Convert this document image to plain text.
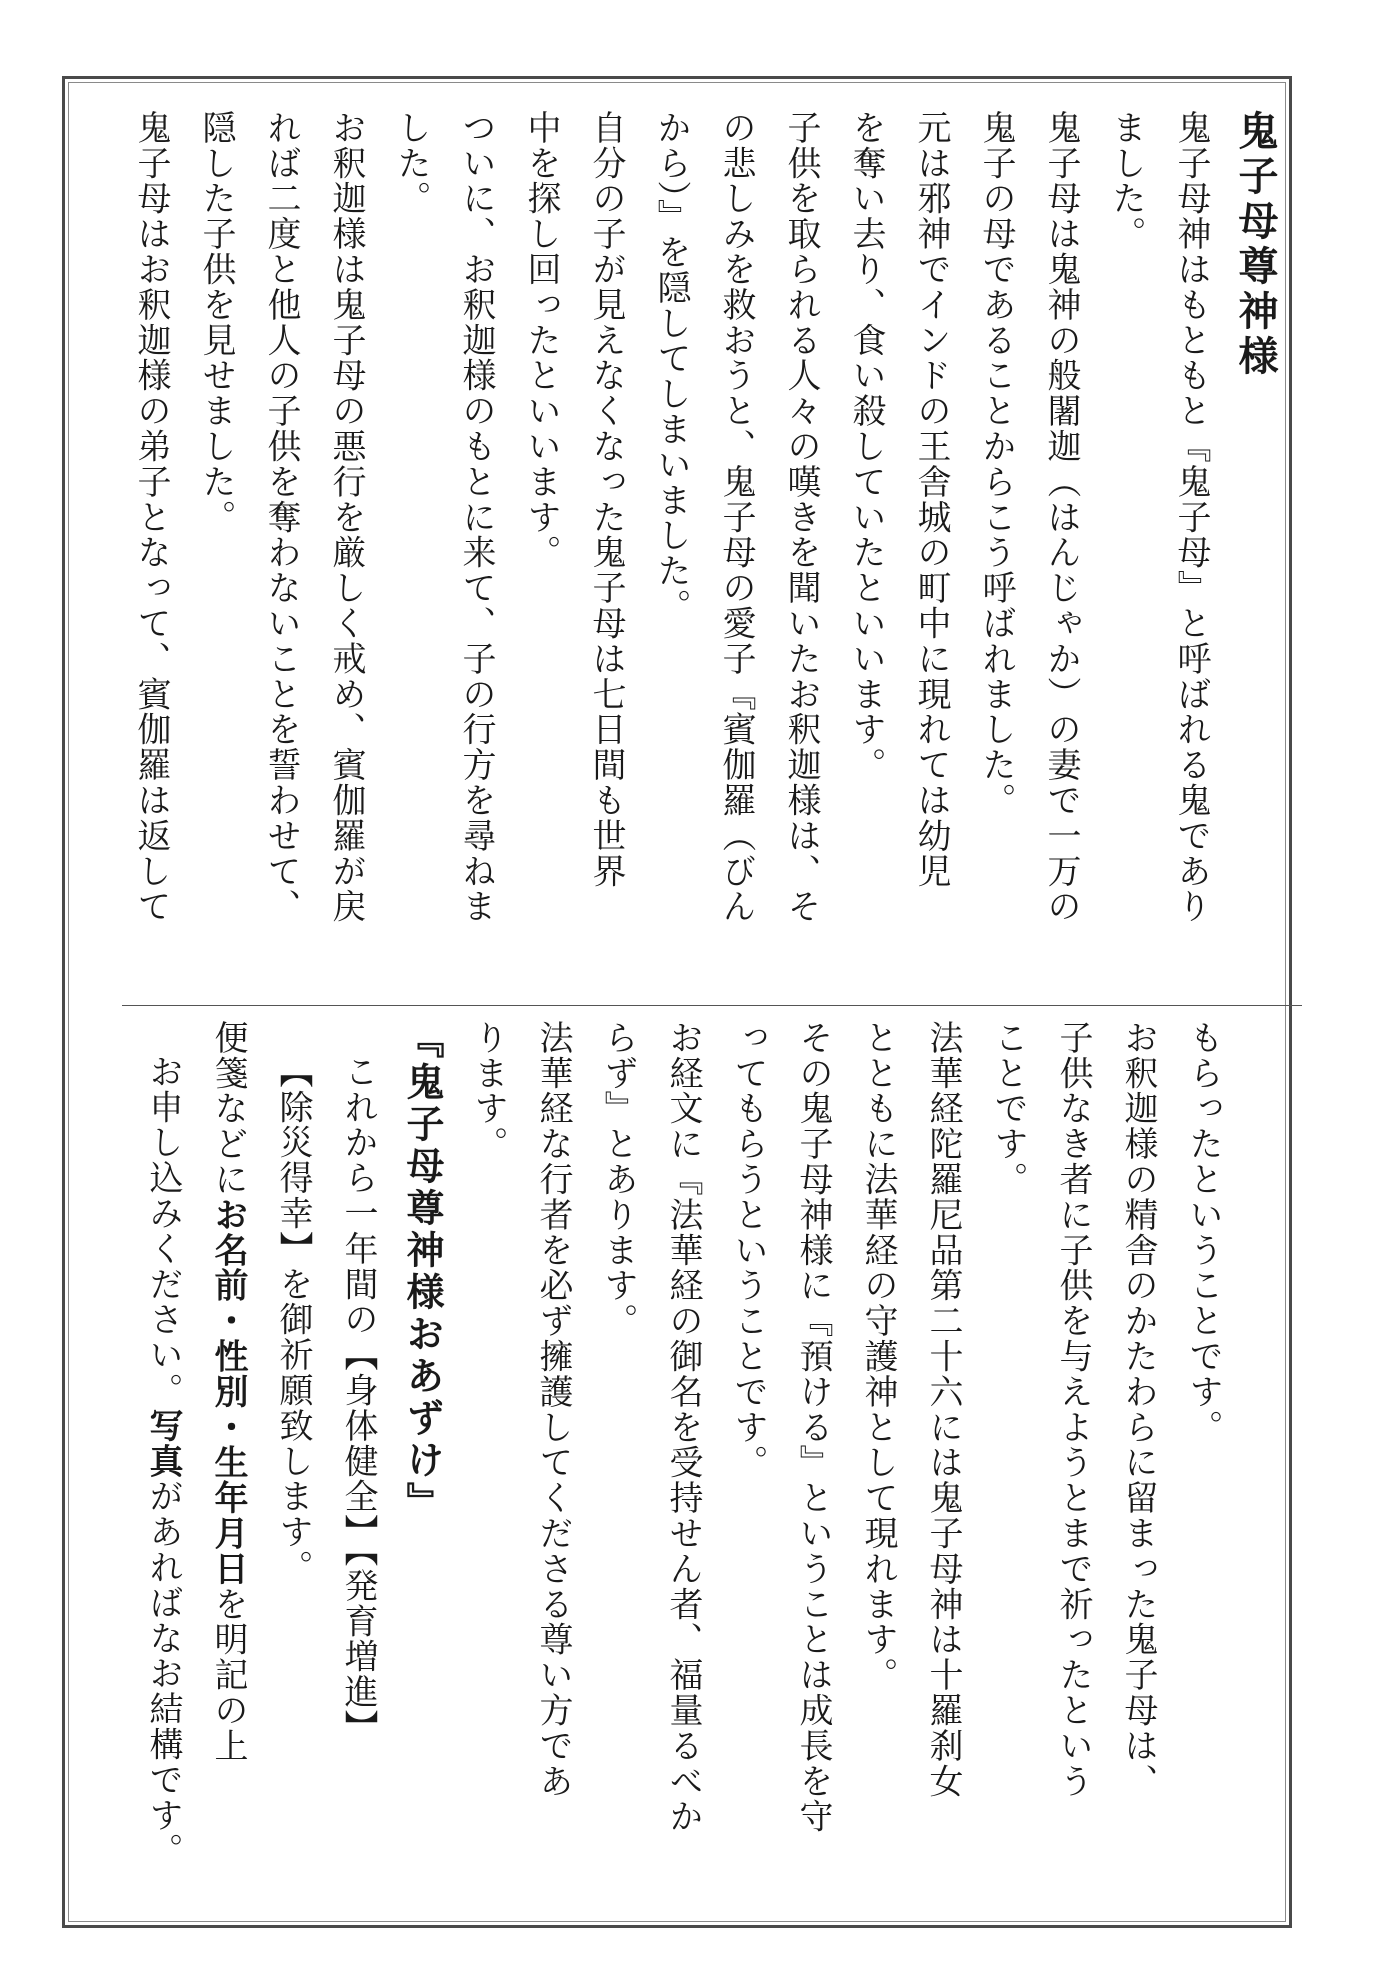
鬼子母尊神様
鬼子母神はもともと『鬼子母』と呼ばれる鬼であり
ました。
鬼子母は鬼神の般闍迦（はんじゃか）の妻で一万の
鬼子の母であることからこう呼ばれました。
元は邪神でインドの王舎城の町中に現れては幼児
を奪い去り、食い殺していたといいます。
子供を取られる人々の嘆きを聞いたお釈迦様は、そ
の悲しみを救おうと、鬼子母の愛子『賓伽羅（びん
から）』を隠してしまいました。
自分の子が見えなくなった鬼子母は七日間も世界
中を探し回ったといいます。
ついに、お釈迦様のもとに来て、子の行方を尋ねま
した。
お釈迦様は鬼子母の悪行を厳しく戒め、賓伽羅が戻
れば二度と他人の子供を奪わないことを誓わせて、
隠した子供を見せました。
鬼子母はお釈迦様の弟子となって、賓伽羅は返して
もらったということです。
お釈迦様の精舎のかたわらに留まった鬼子母は、
子供なき者に子供を与えようとまで祈ったという
ことです。
法華経陀羅尼品第二十六には鬼子母神は十羅刹女
とともに法華経の守護神として現れます。
その鬼子母神様に『預ける』ということは成長を守
ってもらうということです。
お経文に『法華経の御名を受持せん者、福量るべか
らず』とあります。
法華経な行者を必ず擁護してくださる尊い方であ
ります。
『鬼子母尊神様おあずけ』
これから一年間の【身体健全】【発育増進】
【除災得幸】を御祈願致します。
便箋などにお名前・性別・生年月日を明記の上
お申し込みください。写真があればなお結構です。
